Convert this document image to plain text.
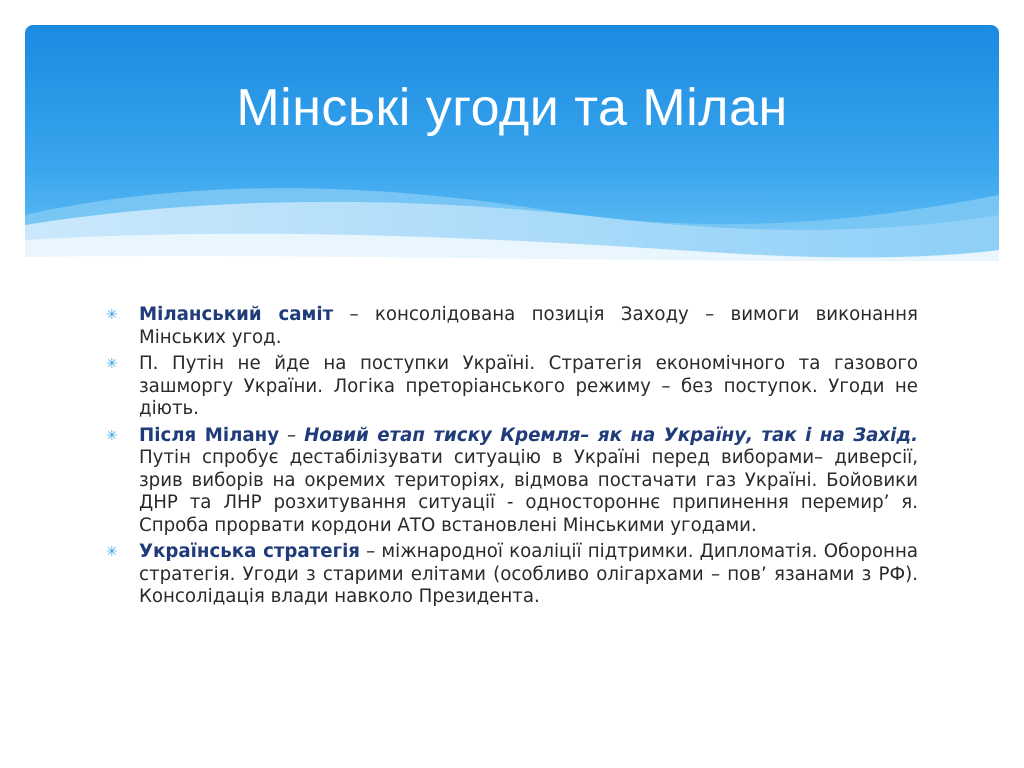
Мінські угоди та Мілан

✳ Міланський саміт – консолідована позиція Заходу – вимоги виконання Мінських угод.

✳ П. Путін не йде на поступки Україні. Стратегія економічного та газового зашморгу України. Логіка преторіанського режиму – без поступок. Угоди не діють.

✳ Після Мілану – Новий етап тиску Кремля– як на Україну, так і на Захід. Путін спробує дестабілізувати ситуацію в Україні перед виборами– диверсії, зрив виборів на окремих територіях, відмова постачати газ Україні. Бойовики ДНР та ЛНР розхитування ситуації - одностороннє припинення перемир’ я. Спроба прорвати кордони АТО встановлені Мінськими угодами.

✳ Українська стратегія – міжнародної коаліції підтримки. Дипломатія. Оборонна стратегія. Угоди з старими елітами (особливо олігархами – пов’ язанами з РФ). Консолідація влади навколо Президента.
